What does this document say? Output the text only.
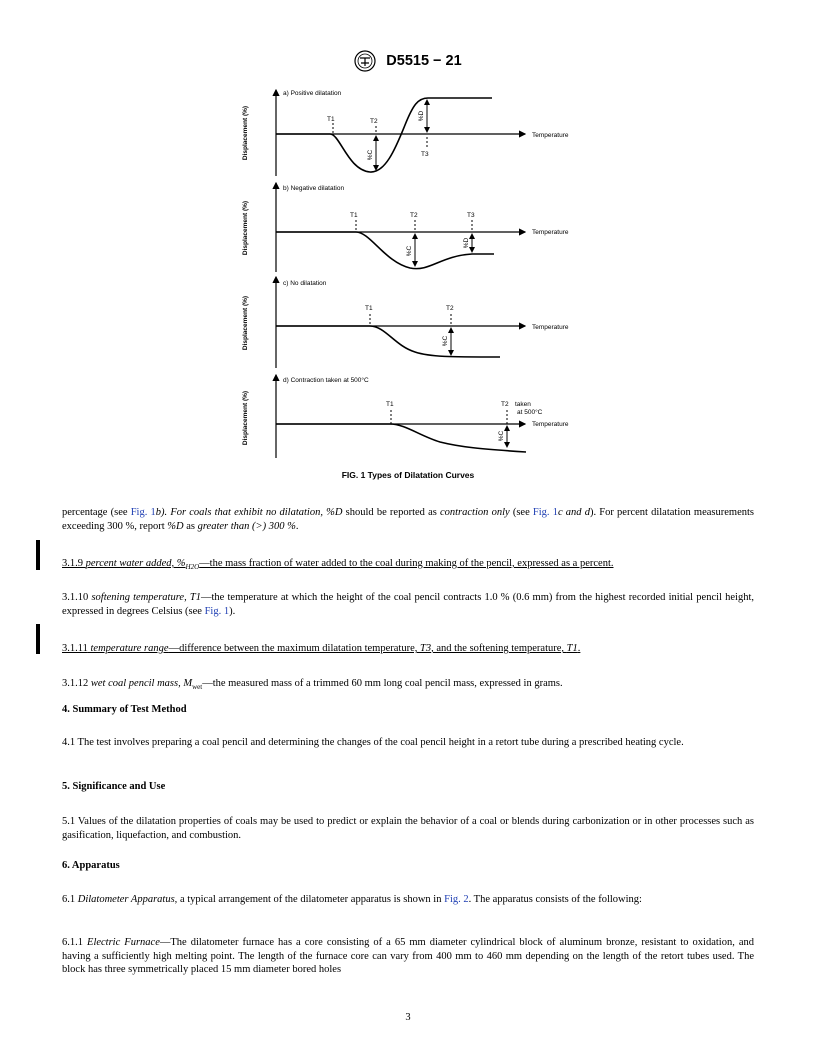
D5515 − 21
Displacement (%)
a) Positive dilatation
Temperature
T1	T2
%C
%D
T3
Displacement (%)
b) Negative dilatation
Temperature
T1	T2
%C
T3
%D
Displacement (%)
c) No dilatation
Temperature
T1	T2
%C
Displacement (%)
d) Contraction taken at 500°C
Temperature
T1	T2 taken
at 500°C
%C
FIG. 1 Types of Dilatation Curves
percentage (see Fig. 1b). For coals that exhibit no dilatation, %D should be reported as contraction only (see Fig. 1c and d). For percent dilatation measurements exceeding 300 %, report %D as greater than (>) 300 %.
3.1.9 percent water added, $\%_{H2O}—the$ mass fraction of water added to the coal during making of the pencil, expressed as a percent.
3.1.10 softening temperature, T1—the temperature at which the height of the coal pencil contracts 1.0 % (0.6 mm) from the highest recorded initial pencil height, expressed in degrees Celsius (see Fig. 1).
3.1.11 temperature range—difference between the maximum dilatation temperature, T3, and the softening temperature, T1.
3.1.12 wet coal pencil mass, $M_{wet}—the$ measured mass of a trimmed 60 mm long coal pencil mass, expressed in grams.
4. Summary of Test Method
4.1 The test involves preparing a coal pencil and determining the changes of the coal pencil height in a retort tube during a prescribed heating cycle.
5. Significance and Use
5.1 Values of the dilatation properties of coals may be used to predict or explain the behavior of a coal or blends during carbonization or in other processes such as gasification, liquefaction, and combustion.
6. Apparatus
6.1 Dilatometer Apparatus, a typical arrangement of the dilatometer apparatus is shown in Fig. 2. The apparatus consists of the following:
6.1.1 Electric Furnace—The dilatometer furnace has a core consisting of a 65 mm diameter cylindrical block of aluminum bronze, resistant to oxidation, and having a sufficiently high melting point. The length of the furnace core can vary from 400 mm to 460 mm depending on the length of the retort tubes used. The block has three symmetrically placed 15 mm diameter bored holes
3
